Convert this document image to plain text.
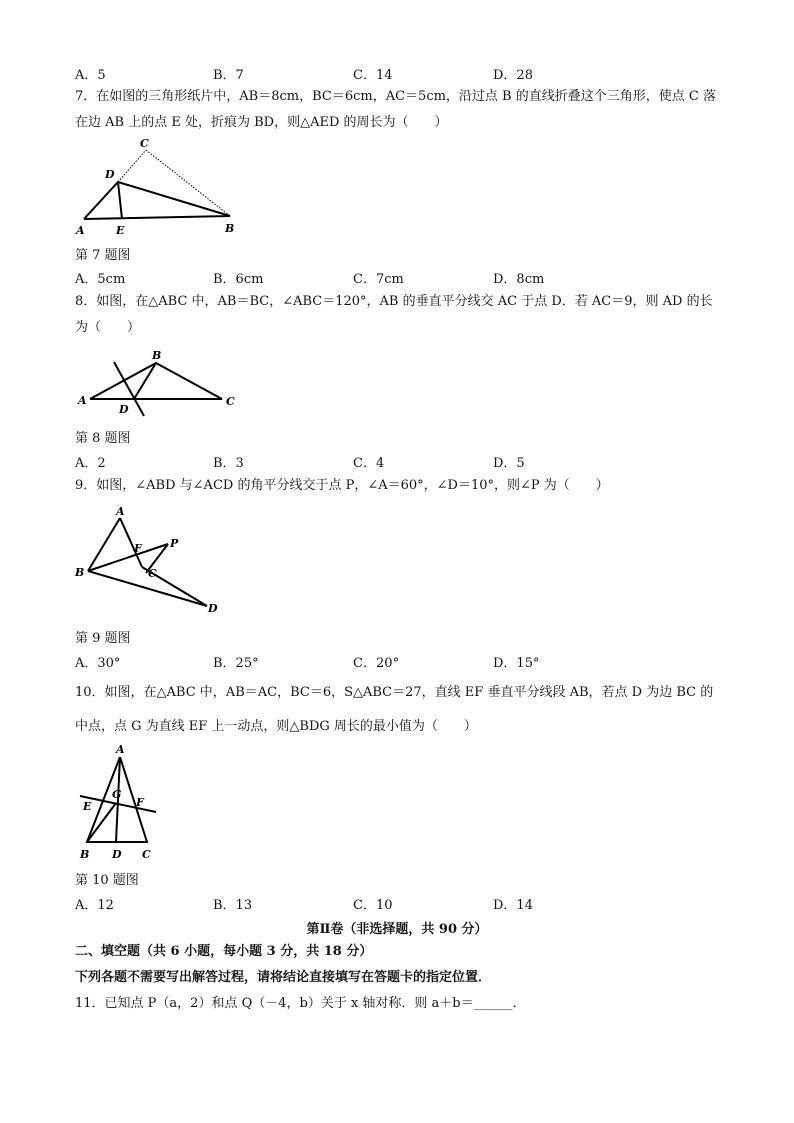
A．5	B．7	C．14	D．28
7．在如图的三角形纸片中，AB＝8cm，BC＝6cm，AC＝5cm，沿过点 B 的直线折叠这个三角形，使点 C 落
在边 AB 上的点 E 处，折痕为 BD，则△AED 的周长为（　　）
A	E	B
D
C
第 7 题图
A．5cm	B．6cm	C．7cm	D．8cm
8．如图，在△ABC 中，AB＝BC，∠ABC＝120°，AB 的垂直平分线交 AC 于点 D．若 AC＝9，则 AD 的长
为（　　）
A
B
C
D
第 8 题图
A．2	B．3	C．4	D．5
9．如图，∠ABD 与∠ACD 的角平分线交于点 P，∠A＝60°，∠D＝10°，则∠P 为（　　）
A
B	C
D
F	P
第 9 题图
A．30°	B．25°	C．20°	D．15°
10．如图，在△ABC 中，AB＝AC，BC＝6，S△ABC＝27，直线 EF 垂直平分线段 AB，若点 D 为边 BC 的
中点，点 G 为直线 EF 上一动点，则△BDG 周长的最小值为（　　）
A
B D C
E
G
F
第 10 题图
A．12	B．13	C．10	D．14
第Ⅱ卷（非选择题，共 90 分）
二、填空题（共 6 小题，每小题 3 分，共 18 分）
下列各题不需要写出解答过程，请将结论直接填写在答题卡的指定位置．
11．已知点 P（a，2）和点 Q（－4，b）关于 x 轴对称．则 a＋b＝______．
